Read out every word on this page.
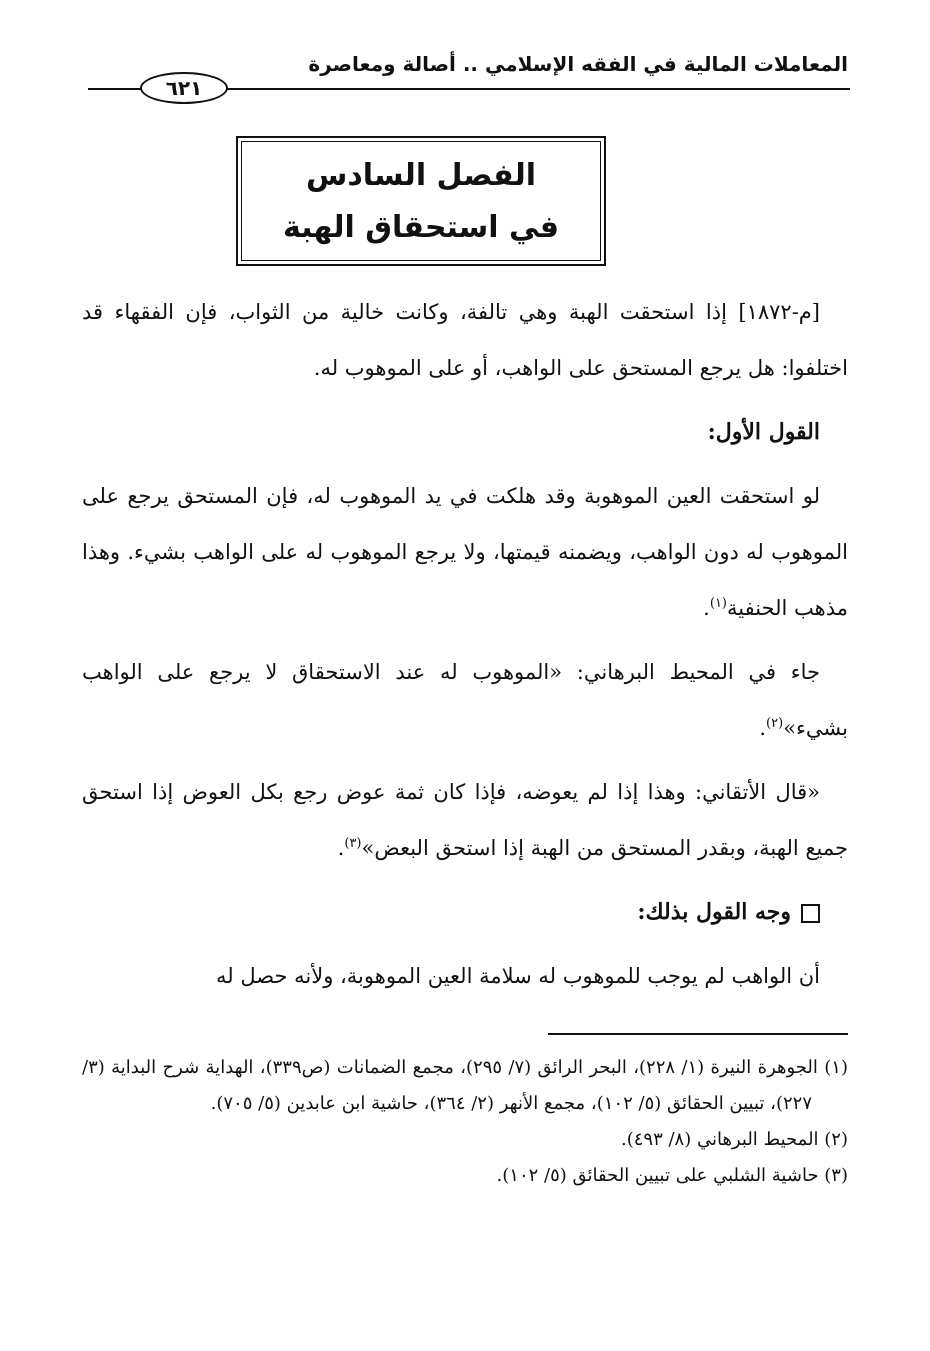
المعاملات المالية في الفقه الإسلامي .. أصالة ومعاصرة
٦٢١
الفصل السادس
في استحقاق الهبة

[م-١٨٧٢] إذا استحقت الهبة وهي تالفة، وكانت خالية من الثواب، فإن الفقهاء قد اختلفوا: هل يرجع المستحق على الواهب، أو على الموهوب له.

القول الأول:

لو استحقت العين الموهوبة وقد هلكت في يد الموهوب له، فإن المستحق يرجع على الموهوب له دون الواهب، ويضمنه قيمتها، ولا يرجع الموهوب له على الواهب بشيء. وهذا مذهب الحنفية$^{(١)}$.

جاء في المحيط البرهاني: «الموهوب له عند الاستحقاق لا يرجع على الواهب بشيء»$^{(٢)}$.

«قال الأتقاني: وهذا إذا لم يعوضه، فإذا كان ثمة عوض رجع بكل العوض إذا استحق جميع الهبة، وبقدر المستحق من الهبة إذا استحق البعض»$^{(٣)}$.

وجه القول بذلك:

أن الواهب لم يوجب للموهوب له سلامة العين الموهوبة، ولأنه حصل له

(١) الجوهرة النيرة (١/ ٢٢٨)، البحر الرائق (٧/ ٢٩٥)، مجمع الضمانات (ص٣٣٩)، الهداية شرح البداية (٣/ ٢٢٧)، تبيين الحقائق (٥/ ١٠٢)، مجمع الأنهر (٢/ ٣٦٤)، حاشية ابن عابدين (٥/ ٧٠٥).

(٢) المحيط البرهاني (٨/ ٤٩٣).

(٣) حاشية الشلبي على تبيين الحقائق (٥/ ١٠٢).
